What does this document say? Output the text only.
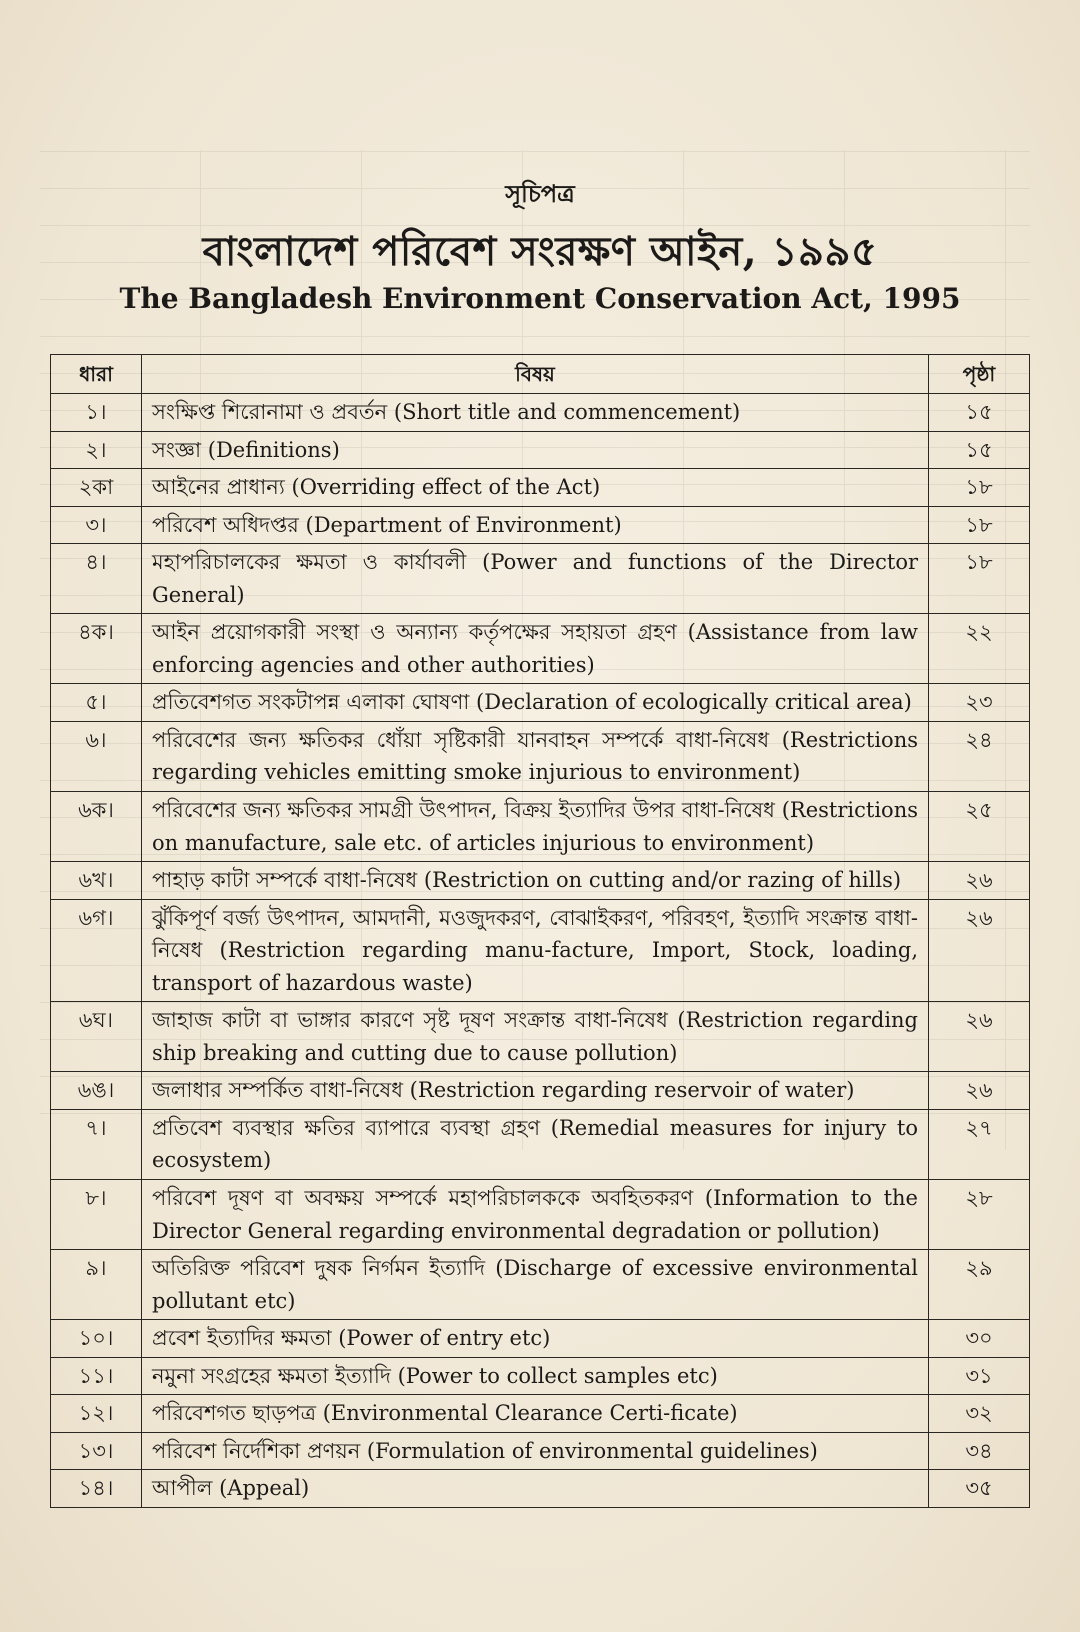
সূচিপত্র
বাংলাদেশ পরিবেশ সংরক্ষণ আইন, ১৯৯৫
The Bangladesh Environment Conservation Act, 1995
ধারা	বিষয়	পৃষ্ঠা
১।	সংক্ষিপ্ত শিরোনামা ও প্রবর্তন (Short title and commencement)	১৫
২।	সংজ্ঞা (Definitions)	১৫
২কা	আইনের প্রাধান্য (Overriding effect of the Act)	১৮
৩।	পরিবেশ অধিদপ্তর (Department of Environment)	১৮
৪।	মহাপরিচালকের ক্ষমতা ও কার্যাবলী (Power and functions of the Director General)	১৮
৪ক।	আইন প্রয়োগকারী সংস্থা ও অন্যান্য কর্তৃপক্ষের সহায়তা গ্রহণ (Assistance from law enforcing agencies and other authorities)	২২
৫।	প্রতিবেশগত সংকটাপন্ন এলাকা ঘোষণা (Declaration of ecologically critical area)	২৩
৬।	পরিবেশের জন্য ক্ষতিকর ধোঁয়া সৃষ্টিকারী যানবাহন সম্পর্কে বাধা-নিষেধ (Restrictions regarding vehicles emitting smoke injurious to environment)	২৪
৬ক।	পরিবেশের জন্য ক্ষতিকর সামগ্রী উৎপাদন, বিক্রয় ইত্যাদির উপর বাধা-নিষেধ (Restrictions on manufacture, sale etc. of articles injurious to environment)	২৫
৬খ।	পাহাড় কাটা সম্পর্কে বাধা-নিষেধ (Restriction on cutting and/or razing of hills)	২৬
৬গ।	ঝুঁকিপূর্ণ বর্জ্য উৎপাদন, আমদানী, মওজুদকরণ, বোঝাইকরণ, পরিবহণ, ইত্যাদি সংক্রান্ত বাধা-নিষেধ (Restriction regarding manu-facture, Import, Stock, loading, transport of hazardous waste)	২৬
৬ঘ।	জাহাজ কাটা বা ভাঙ্গার কারণে সৃষ্ট দূষণ সংক্রান্ত বাধা-নিষেধ (Restriction regarding ship breaking and cutting due to cause pollution)	২৬
৬ঙ।	জলাধার সম্পর্কিত বাধা-নিষেধ (Restriction regarding reservoir of water)	২৬
৭।	প্রতিবেশ ব্যবস্থার ক্ষতির ব্যাপারে ব্যবস্থা গ্রহণ (Remedial measures for injury to ecosystem)	২৭
৮।	পরিবেশ দূষণ বা অবক্ষয় সম্পর্কে মহাপরিচালককে অবহিতকরণ (Information to the Director General regarding environmental degradation or pollution)	২৮
৯।	অতিরিক্ত পরিবেশ দুষক নির্গমন ইত্যাদি (Discharge of excessive environmental pollutant etc)	২৯
১০।	প্রবেশ ইত্যাদির ক্ষমতা (Power of entry etc)	৩০
১১।	নমুনা সংগ্রহের ক্ষমতা ইত্যাদি (Power to collect samples etc)	৩১
১২।	পরিবেশগত ছাড়পত্র (Environmental Clearance Certi-ficate)	৩২
১৩।	পরিবেশ নির্দেশিকা প্রণয়ন (Formulation of environmental guidelines)	৩৪
১৪।	আপীল (Appeal)	৩৫
